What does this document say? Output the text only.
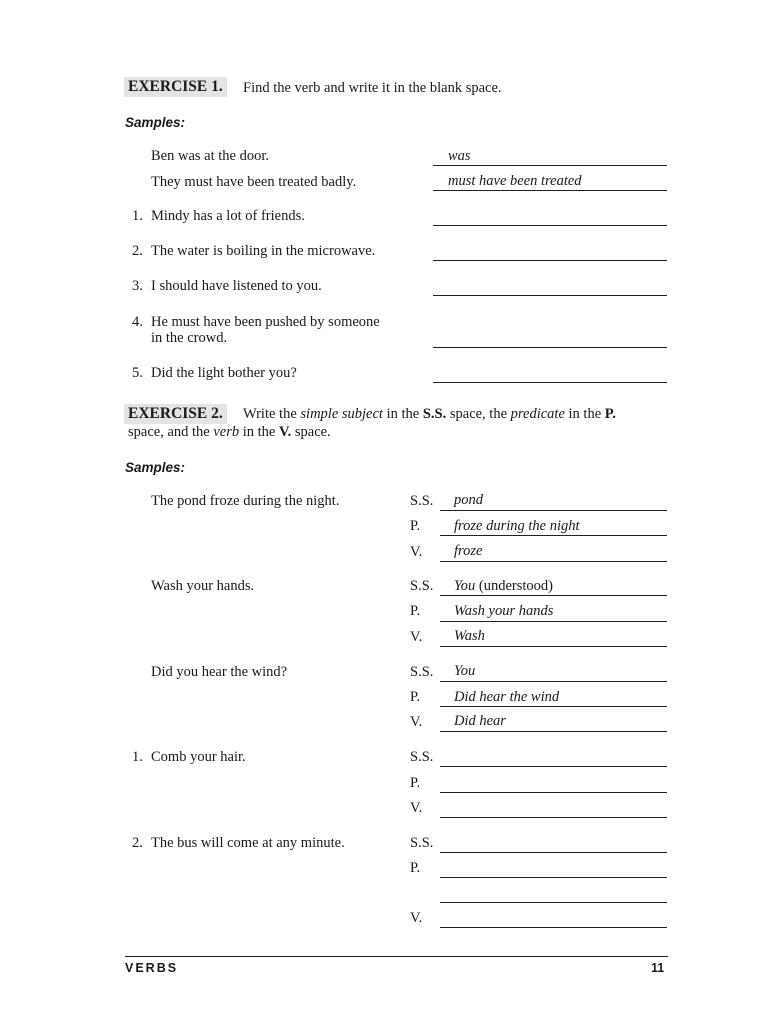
EXERCISE 1. Find the verb and write it in the blank space.
Samples:
Ben was at the door.	was
They must have been treated badly.	must have been treated
1. Mindy has a lot of friends.
2. The water is boiling in the microwave.
3. I should have listened to you.
4. He must have been pushed by someone
in the crowd.
5. Did the light bother you?
EXERCISE 2. Write the simple subject in the S.S. space, the predicate in the P.
space, and the verb in the V. space.
Samples:
The pond froze during the night.	S.S. pond
P. froze during the night
V. froze
Wash your hands.	S.S. You (understood)
P. Wash your hands
V. Wash
Did you hear the wind?	S.S. You
P. Did hear the wind
V. Did hear
1. Comb your hair.	S.S.
P.
V.
2. The bus will come at any minute.	S.S.
P.
V.
VERBS	11
